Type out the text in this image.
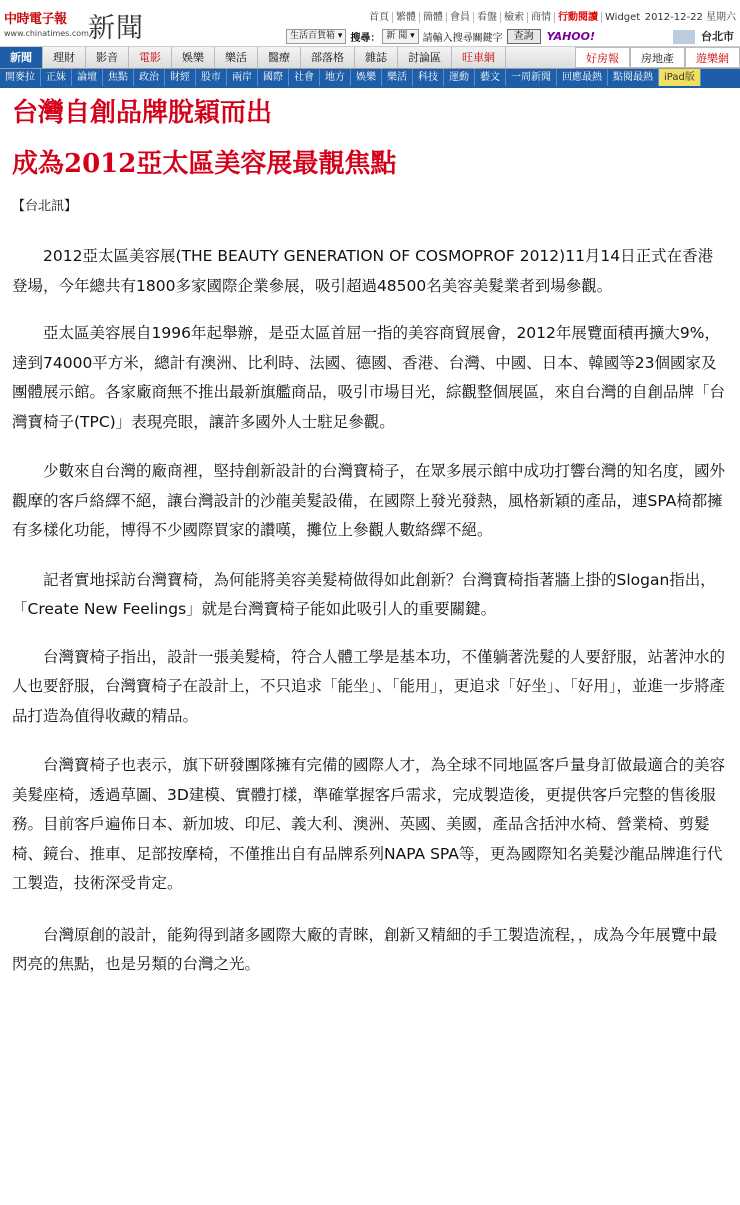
中時電子報
www.chinatimes.com 新聞	首頁 繁體 簡體 會員 看盤 檢索 商情 行動閱讀 Widget 2012-12-22 星期六
生活百貨箱 ▾ 搜尋： 新 聞 ▾ 請輸入搜尋關鍵字	查詢	YAHOO!	台北市
新聞	理財	影音	電影	娛樂	樂活	醫療	部落格	雜誌	討論區	旺車網	好房報	房地產	遊樂網
開麥拉	正妹	論壇	焦點	政治	財經	股市	兩岸	國際	社會	地方	娛樂	樂活	科技	運動	藝文	一周新聞	回應最熱	點閱最熱	iPad版
台灣自創品牌脫穎而出
成為2012亞太區美容展最靚焦點
【台北訊】

2012亞太區美容展(THE BEAUTY GENERATION OF COSMOPROF 2012)11月14日正式在香港登場，今年總共有1800多家國際企業參展，吸引超過48500名美容美髮業者到場參觀。

亞太區美容展自1996年起舉辦，是亞太區首屈一指的美容商貿展會，2012年展覽面積再擴大9%，達到74000平方米，總計有澳洲、比利時、法國、德國、香港、台灣、中國、日本、韓國等23個國家及團體展示館。各家廠商無不推出最新旗艦商品，吸引市場目光，綜觀整個展區，來自台灣的自創品牌「台灣寶椅子(TPC)」表現亮眼，讓許多國外人士駐足參觀。

少數來自台灣的廠商裡，堅持創新設計的台灣寶椅子，在眾多展示館中成功打響台灣的知名度，國外觀摩的客戶絡繹不絕，讓台灣設計的沙龍美髮設備，在國際上發光發熱，風格新穎的產品，連SPA椅都擁有多樣化功能，博得不少國際買家的讚嘆，攤位上參觀人數絡繹不絕。

記者實地採訪台灣寶椅，為何能將美容美髮椅做得如此創新？台灣寶椅指著牆上掛的Slogan指出，「Create New Feelings」就是台灣寶椅子能如此吸引人的重要關鍵。

台灣寶椅子指出，設計一張美髮椅，符合人體工學是基本功，不僅躺著洗髮的人要舒服，站著沖水的人也要舒服，台灣寶椅子在設計上，不只追求「能坐」、「能用」，更追求「好坐」、「好用」，並進一步將產品打造為值得收藏的精品。

台灣寶椅子也表示，旗下研發團隊擁有完備的國際人才，為全球不同地區客戶量身訂做最適合的美容美髮座椅，透過草圖、3D建模、實體打樣，準確掌握客戶需求，完成製造後，更提供客戶完整的售後服務。目前客戶遍佈日本、新加坡、印尼、義大利、澳洲、英國、美國，產品含括沖水椅、營業椅、剪髮椅、鏡台、推車、足部按摩椅，不僅推出自有品牌系列NAPA SPA等，更為國際知名美髮沙龍品牌進行代工製造，技術深受肯定。

台灣原創的設計，能夠得到諸多國際大廠的青睞，創新又精細的手工製造流程，，成為今年展覽中最閃亮的焦點，也是另類的台灣之光。
